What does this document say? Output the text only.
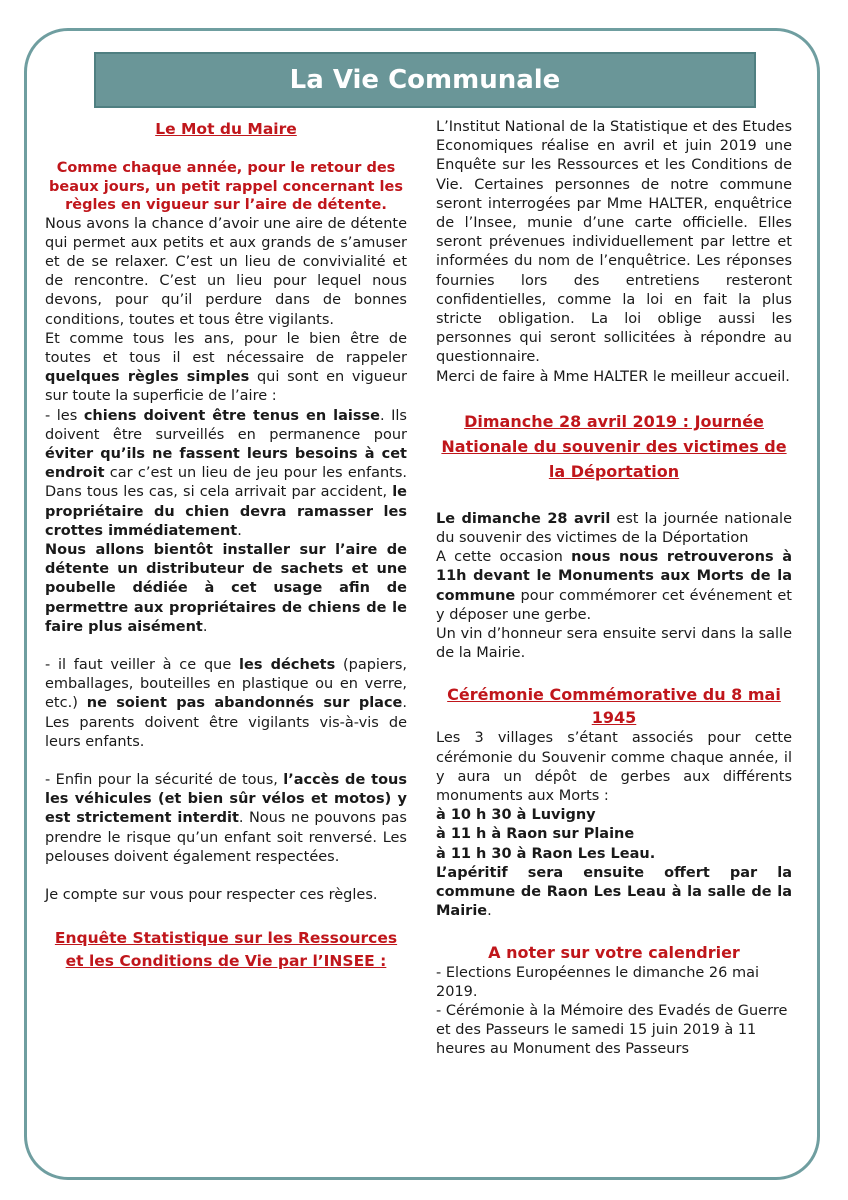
La Vie Communale

Le Mot du Maire

Comme chaque année, pour le retour des beaux jours, un petit rappel concernant les règles en vigueur sur l’aire de détente.

Nous avons la chance d’avoir une aire de détente qui permet aux petits et aux grands de s’amuser et de se relaxer. C’est un lieu de convivialité et de rencontre. C’est un lieu pour lequel nous devons, pour qu’il perdure dans de bonnes conditions, toutes et tous être vigilants.

Et comme tous les ans, pour le bien être de toutes et tous il est nécessaire de rappeler quelques règles simples qui sont en vigueur sur toute la superficie de l’aire :

- les chiens doivent être tenus en laisse. Ils doivent être surveillés en permanence pour éviter qu’ils ne fassent leurs besoins à cet endroit car c’est un lieu de jeu pour les enfants. Dans tous les cas, si cela arrivait par accident, le propriétaire du chien devra ramasser les crottes immédiatement.

Nous allons bientôt installer sur l’aire de détente un distributeur de sachets et une poubelle dédiée à cet usage afin de permettre aux propriétaires de chiens de le faire plus aisément.

- il faut veiller à ce que les déchets (papiers, emballages, bouteilles en plastique ou en verre, etc.) ne soient pas abandonnés sur place. Les parents doivent être vigilants vis-à-vis de leurs enfants.

- Enfin pour la sécurité de tous, l’accès de tous les véhicules (et bien sûr vélos et motos) y est strictement interdit. Nous ne pouvons pas prendre le risque qu’un enfant soit renversé. Les pelouses doivent également respectées.

Je compte sur vous pour respecter ces règles.

Enquête Statistique sur les Ressources et les Conditions de Vie par l’INSEE :

L’Institut National de la Statistique et des Etudes Economiques réalise en avril et juin 2019 une Enquête sur les Ressources et les Conditions de Vie. Certaines personnes de notre commune seront interrogées par Mme HALTER, enquêtrice de l’Insee, munie d’une carte officielle. Elles seront prévenues individuellement par lettre et informées du nom de l’enquêtrice. Les réponses fournies lors des entretiens resteront confidentielles, comme la loi en fait la plus stricte obligation. La loi oblige aussi les personnes qui seront sollicitées à répondre au questionnaire.

Merci de faire à Mme HALTER le meilleur accueil.

Dimanche 28 avril 2019 : Journée Nationale du souvenir des victimes de la Déportation

Le dimanche 28 avril est la journée nationale du souvenir des victimes de la Déportation

A cette occasion nous nous retrouverons à 11h devant le Monuments aux Morts de la commune pour commémorer cet événement et y déposer une gerbe.

Un vin d’honneur sera ensuite servi dans la salle de la Mairie.

Cérémonie Commémorative du 8 mai 1945

Les 3 villages s’étant associés pour cette cérémonie du Souvenir comme chaque année, il y aura un dépôt de gerbes aux différents monuments aux Morts :

à 10 h 30 à Luvigny
à 11 h à Raon sur Plaine
à 11 h 30 à Raon Les Leau.

L’apéritif sera ensuite offert par la commune de Raon Les Leau à la salle de la Mairie.

A noter sur votre calendrier

- Elections Européennes le dimanche 26 mai 2019.
- Cérémonie à la Mémoire des Evadés de Guerre et des Passeurs le samedi 15 juin 2019 à 11 heures au Monument des Passeurs
